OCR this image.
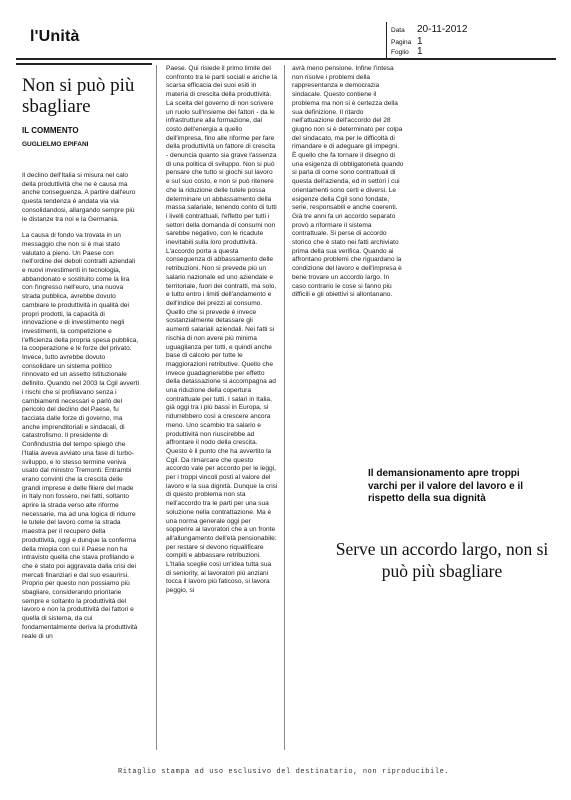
l'Unità	Data	20-11-2012
Pagina 1
Foglio 1
Non si può più sbagliare
IL COMMENTO
GUGLIELMO EPIFANI

Il declino dell'Italia si misura nel calo della produttività che ne è causa ma anche conseguenza. A partire dall'euro questa tendenza è andata via via consolidandosi, allargando sempre più le distanze tra noi e la Germania.

La causa di fondo va trovata in un messaggio che non si è mai stato valutato a pieno. Un Paese con nell'ordine dei deboli contratti aziendali e nuovi investimenti in tecnologia, abbandonato e sostituito come la lira con l'ingresso nell'euro, una nuova strada pubblica, avrebbe dovuto cambiare le produttività in qualità dei propri prodotti, la capacità di innovazione e di investimento negli investimenti, la competizione e l'efficienza della propria spesa pubblica, la cooperazione e le forze del privato. Invece, tutto avrebbe dovuto consolidare un sistema politico rinnovato ed un assetto istituzionale definito. Quando nel 2003 la Cgil avvertì i rischi che si profilavano senza i cambiamenti necessari e parlò del pericolo del declino del Paese, fu tacciata dalle forze di governo, ma anche imprenditoriali e sindacali, di catastrofismo. Il presidente di Confindustria del tempo spiegò che l'Italia aveva avviato una fase di turbo-sviluppo, e lo stesso termine veniva usato dal ministro Tremonti. Entrambi erano convinti che la crescita delle grandi imprese e delle filiere del made in Italy non fossero, nei fatti, soltanto aprire la strada verso alte riforme necessarie, ma ad una logica di ridurre le tutele del lavoro come la strada maestra per il recupero della produttività, oggi e dunque la conferma della miopia con cui il Paese non ha intravisto quella che stava profilando e che è stato poi aggravata dalla crisi dei mercati finanziari e dal suo esaurirsi. Proprio per questo non possiamo più sbagliare, considerando prioritarie sempre e soltanto la produttività del lavoro e non la produttività dei fattori e quella di sistema, da cui fondamentalmente deriva la produttività reale di un

Paese. Qui risiede il primo limite del confronto tra le parti sociali e anche la scarsa efficacia dei suoi esiti in materia di crescita della produttività. La scelta del governo di non scrivere un ruolo sull'insieme dei fattori - da le infrastrutture alla formazione, dal costo dell'energia a quello dell'impresa, fino alle riforme per fare della produttività un fattore di crescita - denuncia quanto sia grave l'assenza di una politica di sviluppo. Non si può pensare che tutto si giochi sul lavoro e sul suo costo, e non si può ritenere che la riduzione delle tutele possa determinare un abbassamento della massa salariale, tenendo conto di tutti i livelli contrattuali, l'effetto per tutti i settori della domanda di consumi non sarebbe negativo, con le ricadute inevitabili sulla loro produttività. L'accordo porta a questa conseguenza di abbassamento delle retribuzioni. Non si prevede più un salario nazionale ed uno aziendale e territoriale, fuori dei contratti, ma solo, e tutto entro i limiti dell'andamento e dell'indice dei prezzi al consumo. Quello che si prevede è invece sostanzialmente detassare gli aumenti salariali aziendali. Nei fatti si rischia di non avere più minima uguaglianza per tutti, e quindi anche base di calcolo per tutte le maggiorazioni retributive. Quello che invece guadagnerebbe per effetto della detassazione si accompagna ad una riduzione della copertura contrattuale per tutti. I salari in Italia, già oggi tra i più bassi in Europa, si ridurrebbero così a crescere ancora meno. Uno scambio tra salario e produttività non riuscirebbe ad affrontare il nodo della crescita. Questo è il punto che ha avvertito la Cgil. Da rimarcare che questo accordo vale per accordo per le leggi, per i troppi vincoli posti al valore del lavoro e la sua dignità. Dunque la crisi di questo problema non sta nell'accordo tra le parti per una sua soluzione nella contrattazione. Ma è una norma generale oggi per sopperire ai lavoratori che a un fronte all'allungamento dell'età pensionabile: per restare si devono riqualificare compiti e abbassare retribuzioni. L'Italia sceglie così un'idea tutta sua di seniority, ai lavoratori più anziani tocca il lavoro più faticoso, si lavora peggio, si

avrà meno pensione. Infine l'intesa non risolve i problemi della rappresentanza e democrazia sindacale. Questo contiene il problema ma non si è certezza della sua definizione. Il ritardo nell'attuazione dell'accordo del 28 giugno non si è determinato per colpa del sindacato, ma per le difficoltà di rimandare e di adeguare gli impegni. È quello che fa tornare il disegno di una esigenza di obbligatorietà quando si parla di come sono contrattuali di questa dell'azienda, ed in settori i cui orientamenti sono certi e diversi. Le esigenze della Cgil sono fondate, serie, responsabili e anche coerenti. Già tre anni fa un accordo separato provò a riformare il sistema contrattuale. Si perse di accordo storico che è stato nei fatti archiviato prima della sua verifica. Quando ai affrontano problemi che riguardano la condizione del lavoro e dell'impresa è bene trovare un accordo largo. In caso contrario le cose si fanno più difficili e gli obiettivi si allontanano.

Il demansionamento apre troppi varchi per il valore del lavoro e il rispetto della sua dignità
Serve un accordo largo, non si può più sbagliare
Ritaglio stampa ad uso esclusivo del destinatario, non riproducibile.
